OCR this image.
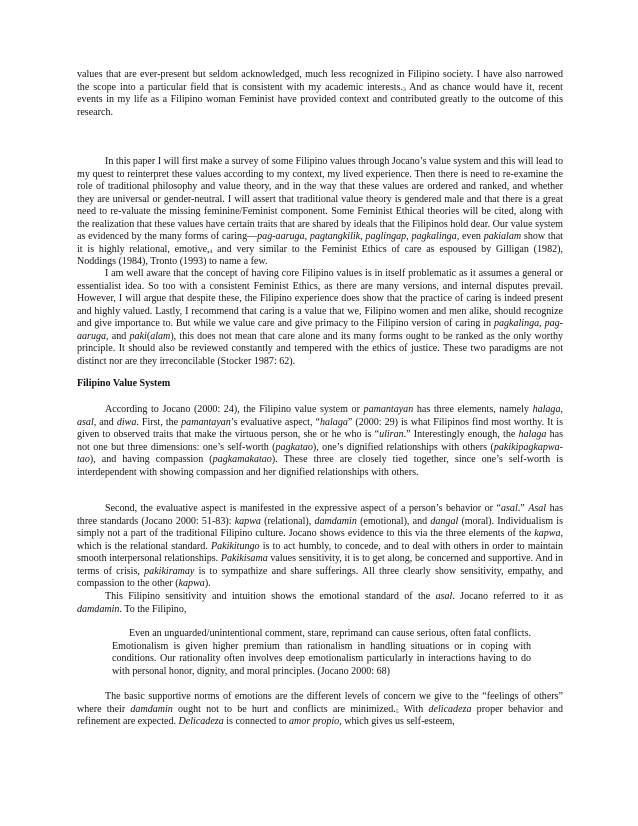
values that are ever-present but seldom acknowledged, much less recognized in Filipino society. I have also narrowed the scope into a particular field that is consistent with my academic $interests._3$ And as chance would have it, recent events in my life as a Filipino woman Feminist have provided context and contributed greatly to the outcome of this research.

In this paper I will first make a survey of some Filipino values through Jocano’s value system and this will lead to my quest to reinterpret these values according to my context, my lived experience. Then there is need to re-examine the role of traditional philosophy and value theory, and in the way that these values are ordered and ranked, and whether they are universal or gender-neutral. I will assert that traditional value theory is gendered male and that there is a great need to re-valuate the missing feminine/Feminist component. Some Feminist Ethical theories will be cited, along with the realization that these values have certain traits that are shared by ideals that the Filipinos hold dear. Our value system as evidenced by the many forms of caring—pag-aaruga, pagtangkilik, paglingap, pagkalinga, even pakialam show that it is highly relational, $emotive,_4$ and very similar to the Feminist Ethics of care as espoused by Gilligan (1982), Noddings (1984), Tronto (1993) to name a few.

I am well aware that the concept of having core Filipino values is in itself problematic as it assumes a general or essentialist idea. So too with a consistent Feminist Ethics, as there are many versions, and internal disputes prevail. However, I will argue that despite these, the Filipino experience does show that the practice of caring is indeed present and highly valued. Lastly, I recommend that caring is a value that we, Filipino women and men alike, should recognize and give importance to. But while we value care and give primacy to the Filipino version of caring in pagkalinga, pag-aaruga, and paki(alam), this does not mean that care alone and its many forms ought to be ranked as the only worthy principle. It should also be reviewed constantly and tempered with the ethics of justice. These two paradigms are not distinct nor are they irreconcilable (Stocker 1987: 62).

Filipino Value System

According to Jocano (2000: 24), the Filipino value system or pamantayan has three elements, namely halaga, asal, and diwa. First, the pamantayan’s evaluative aspect, “halaga” (2000: 29) is what Filipinos find most worthy. It is given to observed traits that make the virtuous person, she or he who is “uliran.” Interestingly enough, the halaga has not one but three dimensions: one’s self-worth (pagkatao), one’s dignified relationships with others (pakikipagkapwa-tao), and having compassion (pagkamakatao). These three are closely tied together, since one’s self-worth is interdependent with showing compassion and her dignified relationships with others.

Second, the evaluative aspect is manifested in the expressive aspect of a person’s behavior or “asal.” Asal has three standards (Jocano 2000: 51-83): kapwa (relational), damdamin (emotional), and dangal (moral). Individualism is simply not a part of the traditional Filipino culture. Jocano shows evidence to this via the three elements of the kapwa, which is the relational standard. Pakikitungo is to act humbly, to concede, and to deal with others in order to maintain smooth interpersonal relationships. Pakikisama values sensitivity, it is to get along, be concerned and supportive. And in terms of crisis, pakikiramay is to sympathize and share sufferings. All three clearly show sensitivity, empathy, and compassion to the other (kapwa).

This Filipino sensitivity and intuition shows the emotional standard of the asal. Jocano referred to it as damdamin. To the Filipino,

Even an unguarded/unintentional comment, stare, reprimand can cause serious, often fatal conflicts. Emotionalism is given higher premium than rationalism in handling situations or in coping with conditions. Our rationality often involves deep emotionalism particularly in interactions having to do with personal honor, dignity, and moral principles. (Jocano 2000: 68)

The basic supportive norms of emotions are the different levels of concern we give to the “feelings of others” where their damdamin ought not to be hurt and conflicts are $minimized._5$ With delicadeza proper behavior and refinement are expected. Delicadeza is connected to amor propio, which gives us self-esteem,
